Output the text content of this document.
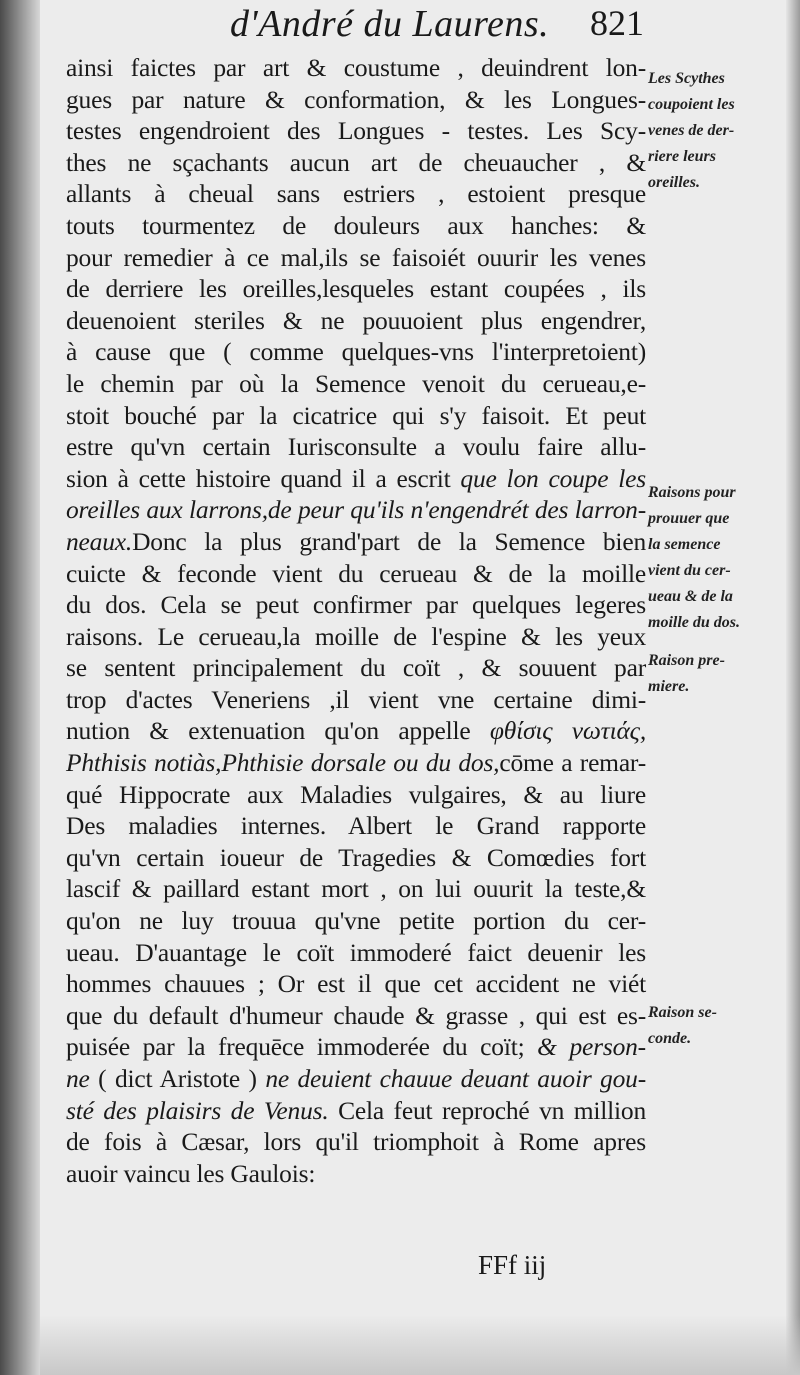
d'André du Laurens. 821
ainsi faictes par art & coustume , deuindrent lon-
gues par nature & conformation, & les Longues-
testes engendroient des Longues - testes. Les Scy-
thes ne sçachants aucun art de cheuaucher , &
allants à cheual sans estriers , estoient presque
touts tourmentez de douleurs aux hanches: &
pour remedier à ce mal,ils se faisoiét ouurir les venes
de derriere les oreilles,lesqueles estant coupées , ils
deuenoient steriles & ne pouuoient plus engendrer,
à cause que ( comme quelques-vns l'interpretoient)
le chemin par où la Semence venoit du cerueau,e-
stoit bouché par la cicatrice qui s'y faisoit. Et peut
estre qu'vn certain Iurisconsulte a voulu faire allu-
sion à cette histoire quand il a escrit que lon coupe les
oreilles aux larrons,de peur qu'ils n'engendrét des larron-
neaux.Donc la plus grand'part de la Semence bien
cuicte & feconde vient du cerueau & de la moille
du dos. Cela se peut confirmer par quelques legeres
raisons. Le cerueau,la moille de l'espine & les yeux
se sentent principalement du coït , & souuent par
trop d'actes Veneriens ,il vient vne certaine dimi-
nution & extenuation qu'on appelle φθίσις νωτιάς,
Phthisis notiàs,Phthisie dorsale ou du dos,cōme a remar-
qué Hippocrate aux Maladies vulgaires, & au liure
Des maladies internes. Albert le Grand rapporte
qu'vn certain ioueur de Tragedies & Comœdies fort
lascif & paillard estant mort , on lui ouurit la teste,&
qu'on ne luy trouua qu'vne petite portion du cer-
ueau. D'auantage le coït immoderé faict deuenir les
hommes chauues ; Or est il que cet accident ne viét
que du default d'humeur chaude & grasse , qui est es-
puisée par la frequēce immoderée du coït; & person-
ne ( dict Aristote ) ne deuient chauue deuant auoir gou-
sté des plaisirs de Venus. Cela feut reproché vn million
de fois à Cæsar, lors qu'il triomphoit à Rome apres
auoir vaincu les Gaulois:
Les Scythes
coupoient les
venes de der-
riere leurs
oreilles.
Raisons pour
prouuer que
la semence
vient du cer-
ueau & de la
moille du dos.
Raison pre-
miere.
Raison se-
conde.
FFf iij
